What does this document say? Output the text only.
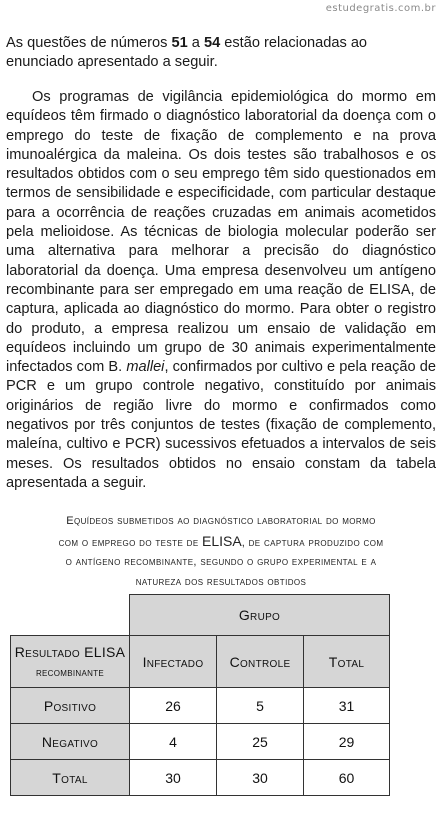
estudegratis.com.br

As questões de números 51 a 54 estão relacionadas ao enunciado apresentado a seguir.

Os programas de vigilância epidemiológica do mormo em equídeos têm firmado o diagnóstico laboratorial da doença com o emprego do teste de fixação de complemento e na prova imunoalérgica da maleina. Os dois testes são trabalhosos e os resultados obtidos com o seu emprego têm sido questionados em termos de sensibilidade e especificidade, com particular destaque para a ocorrência de reações cruzadas em animais acometidos pela melioidose. As técnicas de biologia molecular poderão ser uma alternativa para melhorar a precisão do diagnóstico laboratorial da doença. Uma empresa desenvolveu um antígeno recombinante para ser empregado em uma reação de ELISA, de captura, aplicada ao diagnóstico do mormo. Para obter o registro do produto, a empresa realizou um ensaio de validação em equídeos incluindo um grupo de 30 animais experimentalmente infectados com B. mallei, confirmados por cultivo e pela reação de PCR e um grupo controle negativo, constituído por animais originários de região livre do mormo e confirmados como negativos por três conjuntos de testes (fixação de complemento, maleína, cultivo e PCR) sucessivos efetuados a intervalos de seis meses. Os resultados obtidos no ensaio constam da tabela apresentada a seguir.

Equídeos submetidos ao diagnóstico laboratorial do mormo
com o emprego do teste de ELISA, de captura produzido com
o antígeno recombinante, segundo o grupo experimental e a
natureza dos resultados obtidos
	Grupo		

Resultado ELISA
recombinante	Infectado	Controle	Total
Positivo	26	5	31
Negativo	4	25	29
Total	30	30	60
